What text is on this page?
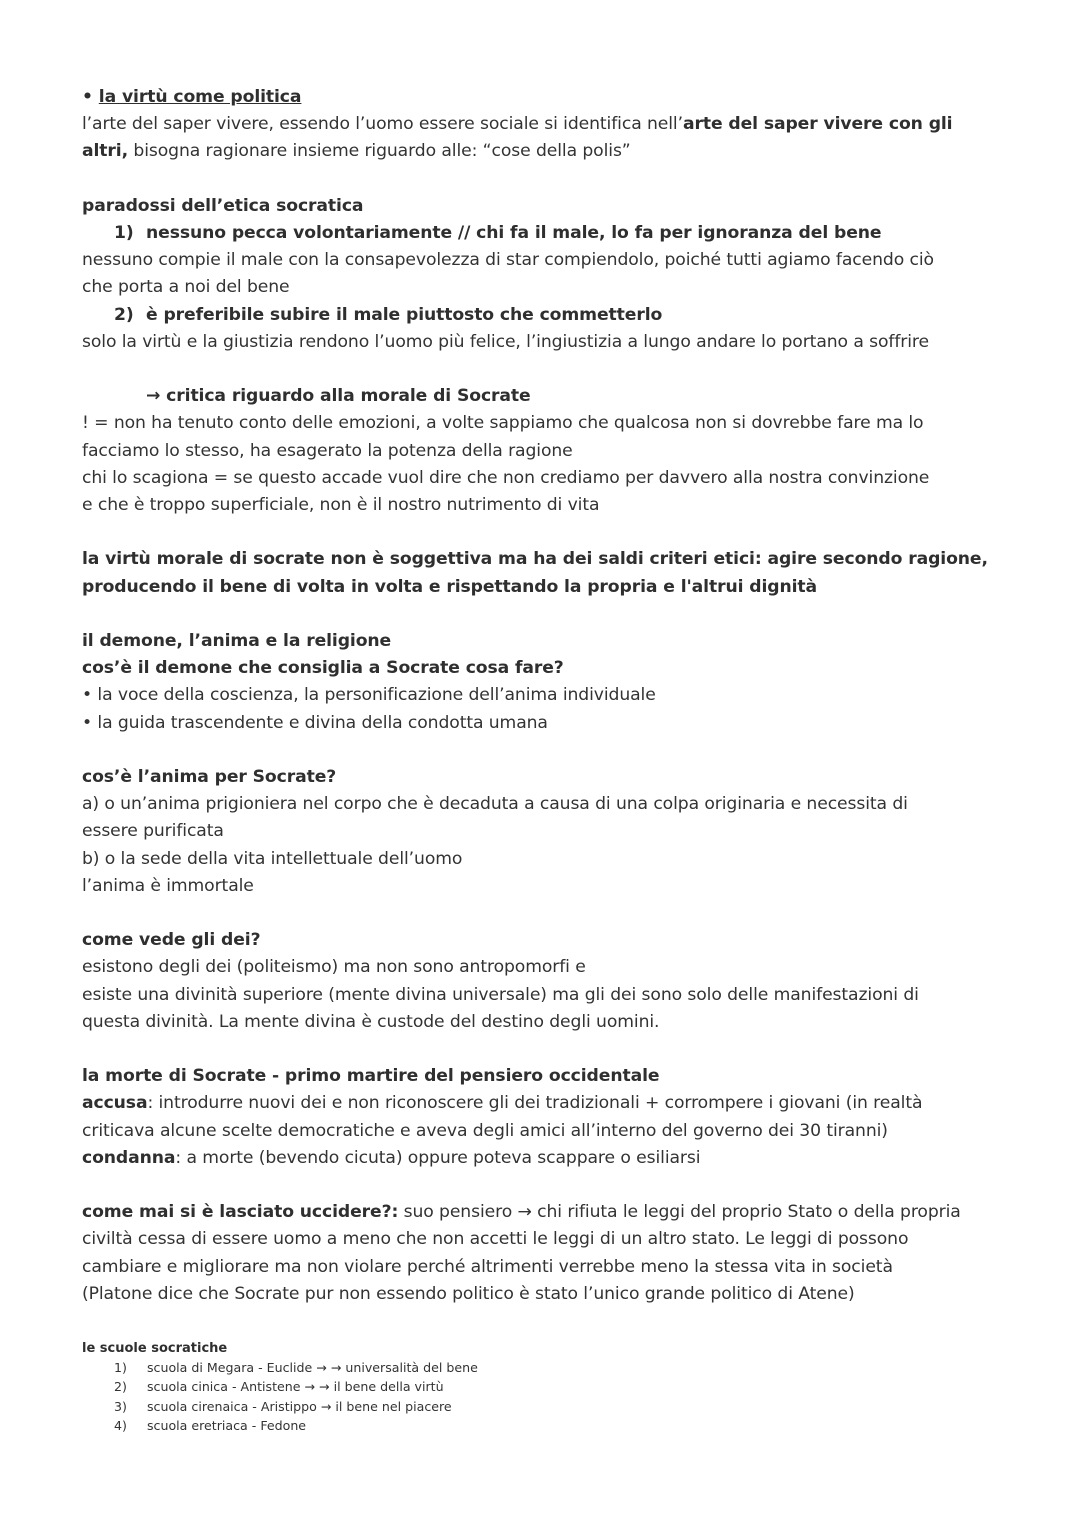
• la virtù come politica
l’arte del saper vivere, essendo l’uomo essere sociale si identifica nell’arte del saper vivere con gli
altri, bisogna ragionare insieme riguardo alle: “cose della polis”
paradossi dell’etica socratica
1) nessuno pecca volontariamente // chi fa il male, lo fa per ignoranza del bene
nessuno compie il male con la consapevolezza di star compiendolo, poiché tutti agiamo facendo ciò
che porta a noi del bene
2) è preferibile subire il male piuttosto che commetterlo
solo la virtù e la giustizia rendono l’uomo più felice, l’ingiustizia a lungo andare lo portano a soffrire
→ critica riguardo alla morale di Socrate
! = non ha tenuto conto delle emozioni, a volte sappiamo che qualcosa non si dovrebbe fare ma lo
facciamo lo stesso, ha esagerato la potenza della ragione
chi lo scagiona = se questo accade vuol dire che non crediamo per davvero alla nostra convinzione
e che è troppo superficiale, non è il nostro nutrimento di vita
la virtù morale di socrate non è soggettiva ma ha dei saldi criteri etici: agire secondo ragione,
producendo il bene di volta in volta e rispettando la propria e l'altrui dignità
il demone, l’anima e la religione
cos’è il demone che consiglia a Socrate cosa fare?
• la voce della coscienza, la personificazione dell’anima individuale
• la guida trascendente e divina della condotta umana
cos’è l’anima per Socrate?
a) o un’anima prigioniera nel corpo che è decaduta a causa di una colpa originaria e necessita di
essere purificata
b) o la sede della vita intellettuale dell’uomo
l’anima è immortale
come vede gli dei?
esistono degli dei (politeismo) ma non sono antropomorfi e
esiste una divinità superiore (mente divina universale) ma gli dei sono solo delle manifestazioni di
questa divinità. La mente divina è custode del destino degli uomini.
la morte di Socrate - primo martire del pensiero occidentale
accusa: introdurre nuovi dei e non riconoscere gli dei tradizionali + corrompere i giovani (in realtà
criticava alcune scelte democratiche e aveva degli amici all’interno del governo dei 30 tiranni)
condanna: a morte (bevendo cicuta) oppure poteva scappare o esiliarsi
come mai si è lasciato uccidere?: suo pensiero → chi rifiuta le leggi del proprio Stato o della propria
civiltà cessa di essere uomo a meno che non accetti le leggi di un altro stato. Le leggi di possono
cambiare e migliorare ma non violare perché altrimenti verrebbe meno la stessa vita in società
(Platone dice che Socrate pur non essendo politico è stato l’unico grande politico di Atene)
le scuole socratiche
1) scuola di Megara - Euclide → → universalità del bene
2) scuola cinica - Antistene → → il bene della virtù
3) scuola cirenaica - Aristippo → il bene nel piacere
4) scuola eretriaca - Fedone
